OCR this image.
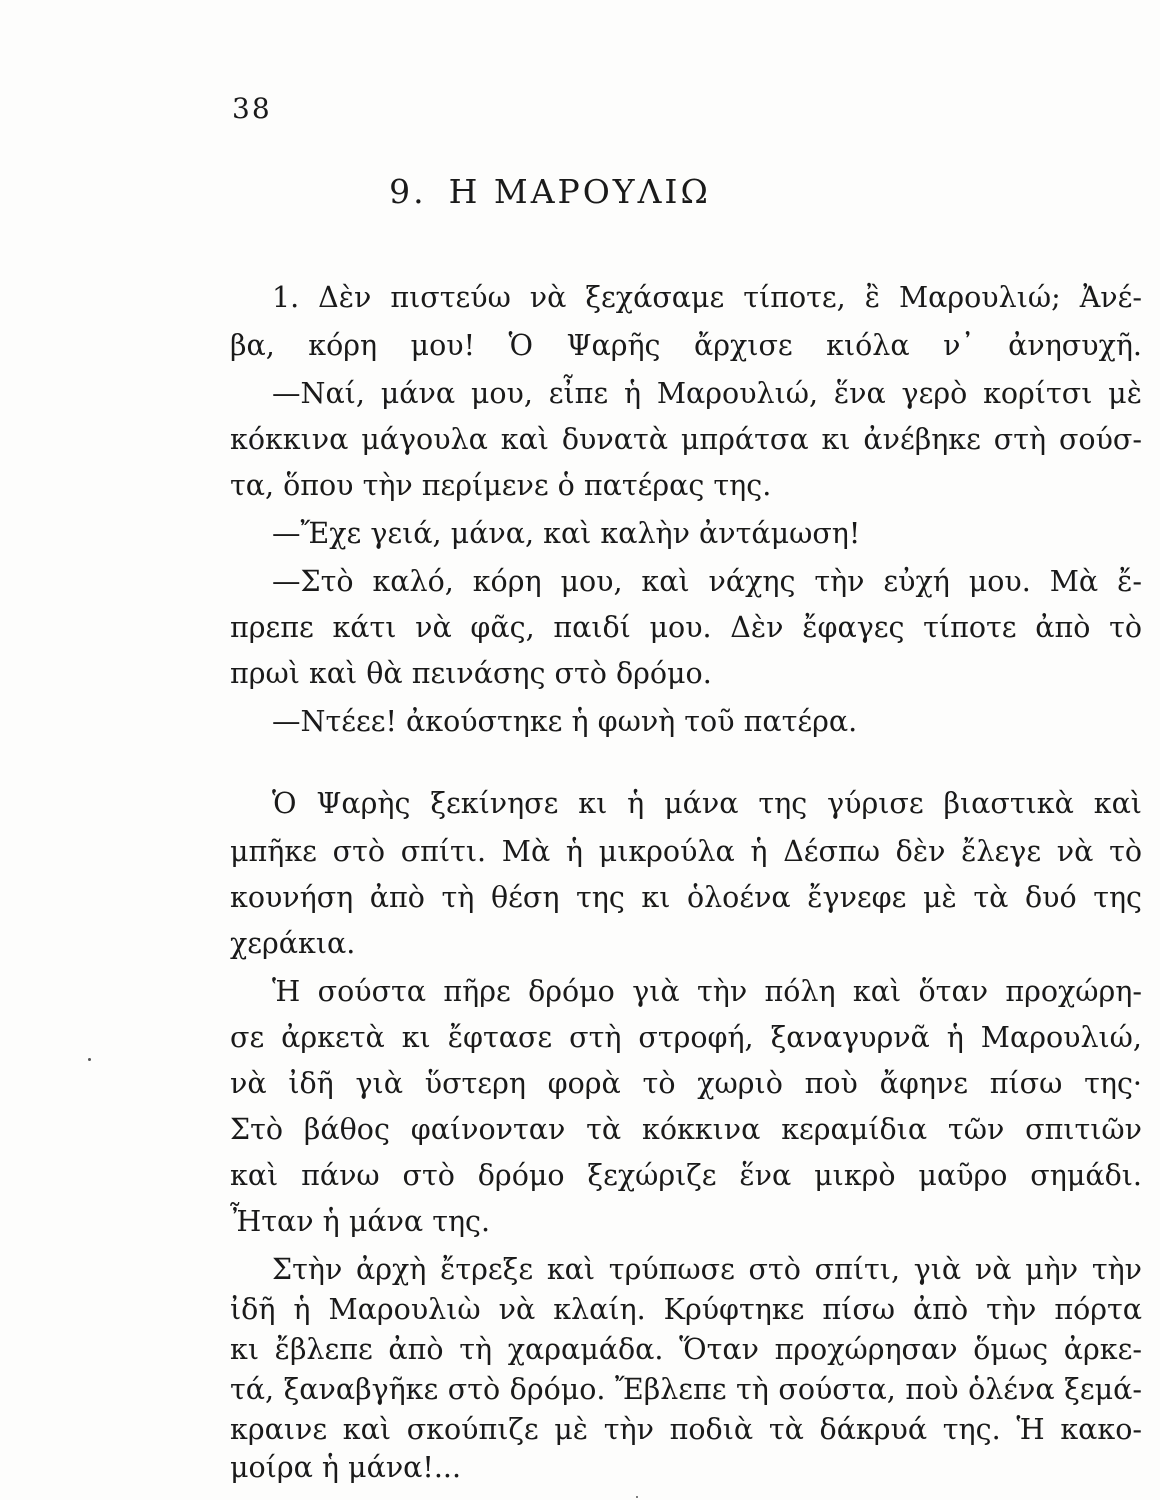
38
9. Η ΜΑΡΟΥΛΙΩ
1. Δὲν πιστεύω νὰ ξεχάσαμε τίποτε, ἒ Μαρουλιώ; Ἀνέ-
βα, κόρη μου! Ὁ Ψαρῆς ἄρχισε κιόλα ν᾽ ἀνησυχῆ.
—Ναί, μάνα μου, εἶπε ἡ Μαρουλιώ, ἕνα γερὸ κορίτσι μὲ
κόκκινα μάγουλα καὶ δυνατὰ μπράτσα κι ἀνέβηκε στὴ σούσ-
τα, ὅπου τὴν περίμενε ὁ πατέρας της.
—Ἔχε γειά, μάνα, καὶ καλὴν ἀντάμωση!
—Στὸ καλό, κόρη μου, καὶ νάχης τὴν εὐχή μου. Μὰ ἔ-
πρεπε κάτι νὰ φᾶς, παιδί μου. Δὲν ἔφαγες τίποτε ἀπὸ τὸ
πρωὶ καὶ θὰ πεινάσης στὸ δρόμο.
—Ντέεε! ἀκούστηκε ἡ φωνὴ τοῦ πατέρα.
Ὁ Ψαρὴς ξεκίνησε κι ἡ μάνα της γύρισε βιαστικὰ καὶ
μπῆκε στὸ σπίτι. Μὰ ἡ μικρούλα ἡ Δέσπω δὲν ἔλεγε νὰ τὸ
κουνήση ἀπὸ τὴ θέση της κι ὁλοένα ἔγνεφε μὲ τὰ δυό της
χεράκια.
Ἡ σούστα πῆρε δρόμο γιὰ τὴν πόλη καὶ ὅταν προχώρη-
σε ἀρκετὰ κι ἔφτασε στὴ στροφή, ξαναγυρνᾶ ἡ Μαρουλιώ,
νὰ ἰδῆ γιὰ ὕστερη φορὰ τὸ χωριὸ ποὺ ἄφηνε πίσω της·
Στὸ βάθος φαίνονταν τὰ κόκκινα κεραμίδια τῶν σπιτιῶν
καὶ πάνω στὸ δρόμο ξεχώριζε ἕνα μικρὸ μαῦρο σημάδι.
Ἦταν ἡ μάνα της.
Στὴν ἀρχὴ ἔτρεξε καὶ τρύπωσε στὸ σπίτι, γιὰ νὰ μὴν τὴν
ἰδῆ ἡ Μαρουλιὼ νὰ κλαίη. Κρύφτηκε πίσω ἀπὸ τὴν πόρτα
κι ἔβλεπε ἀπὸ τὴ χαραμάδα. Ὅταν προχώρησαν ὅμως ἀρκε-
τά, ξαναβγῆκε στὸ δρόμο. Ἔβλεπε τὴ σούστα, ποὺ ὁλένα ξεμά-
κραινε καὶ σκούπιζε μὲ τὴν ποδιὰ τὰ δάκρυά της. Ἡ κακο-
μοίρα ἡ μάνα!...
